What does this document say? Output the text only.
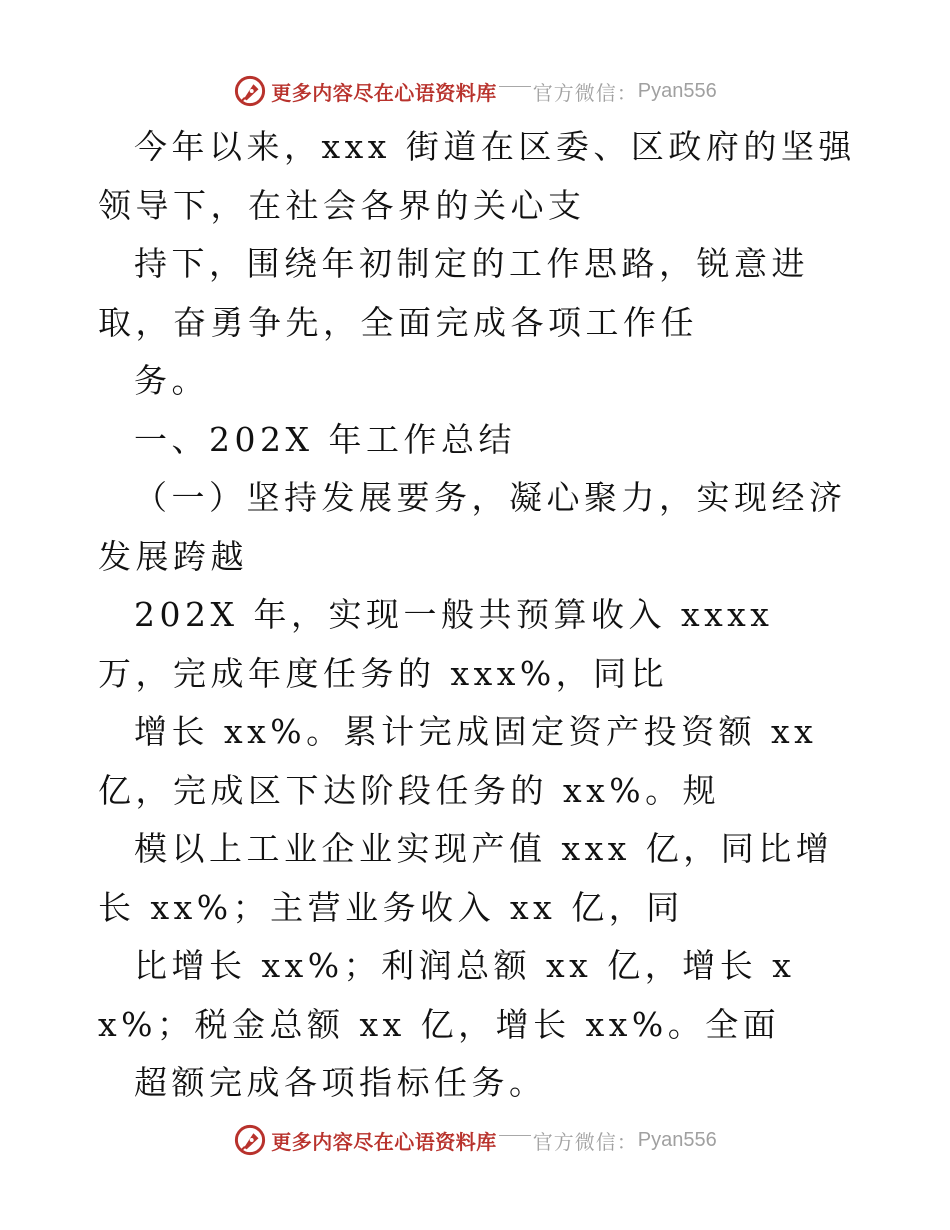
更多内容尽在心语资料库 官方微信： Pyan556

今年以来，xxx 街道在区委、区政府的坚强领导下，在社会各界的关心支

持下，围绕年初制定的工作思路，锐意进取，奋勇争先，全面完成各项工作任

务。

一、202X 年工作总结

（一）坚持发展要务，凝心聚力，实现经济发展跨越

202X 年，实现一般共预算收入 xxxx 万，完成年度任务的 xxx%，同比

增长 xx%。累计完成固定资产投资额 xx 亿，完成区下达阶段任务的 xx%。规

模以上工业企业实现产值 xxx 亿，同比增长 xx%；主营业务收入 xx 亿，同

比增长 xx%；利润总额 xx 亿，增长 xx%；税金总额 xx 亿，增长 xx%。全面

超额完成各项指标任务。

更多内容尽在心语资料库 官方微信： Pyan556
